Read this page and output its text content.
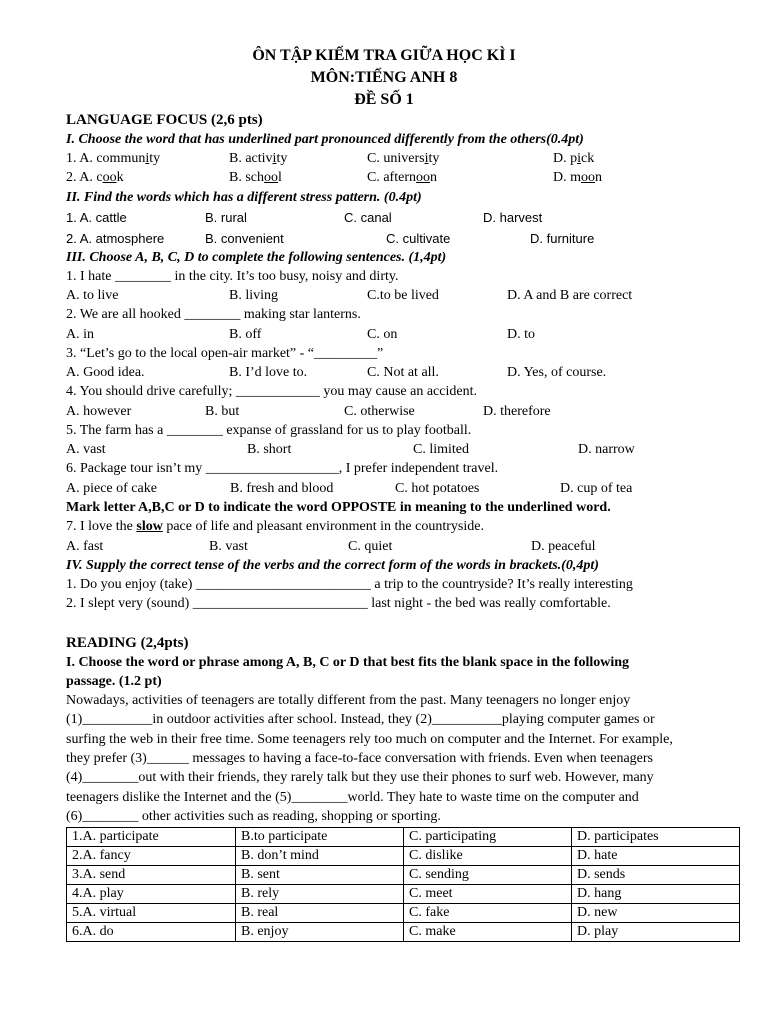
ÔN TẬP KIẾM TRA GIỮA HỌC KÌ I
MÔN:TIẾNG ANH 8
ĐỀ SỐ 1
LANGUAGE FOCUS (2,6 pts)
I. Choose the word that has underlined part pronounced differently from the others(0.4pt)
1. A. community	B. activity	C. university	D. pick
2. A. cook	B. school	C. afternoon	D. moon
II. Find the words which has a different stress pattern. (0.4pt)
1. A. cattle	B. rural	C. canal	D. harvest
2. A. atmosphere	B. convenient	C. cultivate	D. furniture
III. Choose A, B, C, D to complete the following sentences. (1,4pt)
1. I hate ________ in the city. It’s too busy, noisy and dirty.
A. to live	B. living	C.to be lived	D. A and B are correct
2. We are all hooked ________ making star lanterns.
A. in	B. off	C. on	D. to
3. “Let’s go to the local open-air market” - “_________”
A. Good idea.	B. I’d love to.	C. Not at all.	D. Yes, of course.
4. You should drive carefully; ____________ you may cause an accident.
A. however	B. but	C. otherwise	D. therefore
5. The farm has a ________ expanse of grassland for us to play football.
A. vast	B. short	C. limited	D. narrow
6. Package tour isn’t my ___________________, I prefer independent travel.
A. piece of cake	B. fresh and blood	C. hot potatoes	D. cup of tea
Mark letter A,B,C or D to indicate the word OPPOSTE in meaning to the underlined word.
7. I love the slow pace of life and pleasant environment in the countryside.
A. fast	B. vast	C. quiet	D. peaceful
IV. Supply the correct tense of the verbs and the correct form of the words in brackets.(0,4pt)
1. Do you enjoy (take) _________________________ a trip to the countryside? It’s really interesting
2. I slept very (sound) _________________________ last night - the bed was really comfortable.
READING (2,4pts)
I. Choose the word or phrase among A, B, C or D that best fits the blank space in the following
passage. (1.2 pt)
Nowadays, activities of teenagers are totally different from the past. Many teenagers no longer enjoy
(1)__________in outdoor activities after school. Instead, they (2)__________playing computer games or
surfing the web in their free time. Some teenagers rely too much on computer and the Internet. For example,
they prefer (3)______ messages to having a face-to-face conversation with friends. Even when teenagers
(4)________out with their friends, they rarely talk but they use their phones to surf web. However, many
teenagers dislike the Internet and the (5)________world. They hate to waste time on the computer and
(6)________ other activities such as reading, shopping or sporting.
1.A. participate	B.to participate	C. participating	D. participates
2.A. fancy	B. don’t mind	C. dislike	D. hate
3.A. send	B. sent	C. sending	D. sends
4.A. play	B. rely	C. meet	D. hang
5.A. virtual	B. real	C. fake	D. new
6.A. do	B. enjoy	C. make	D. play
